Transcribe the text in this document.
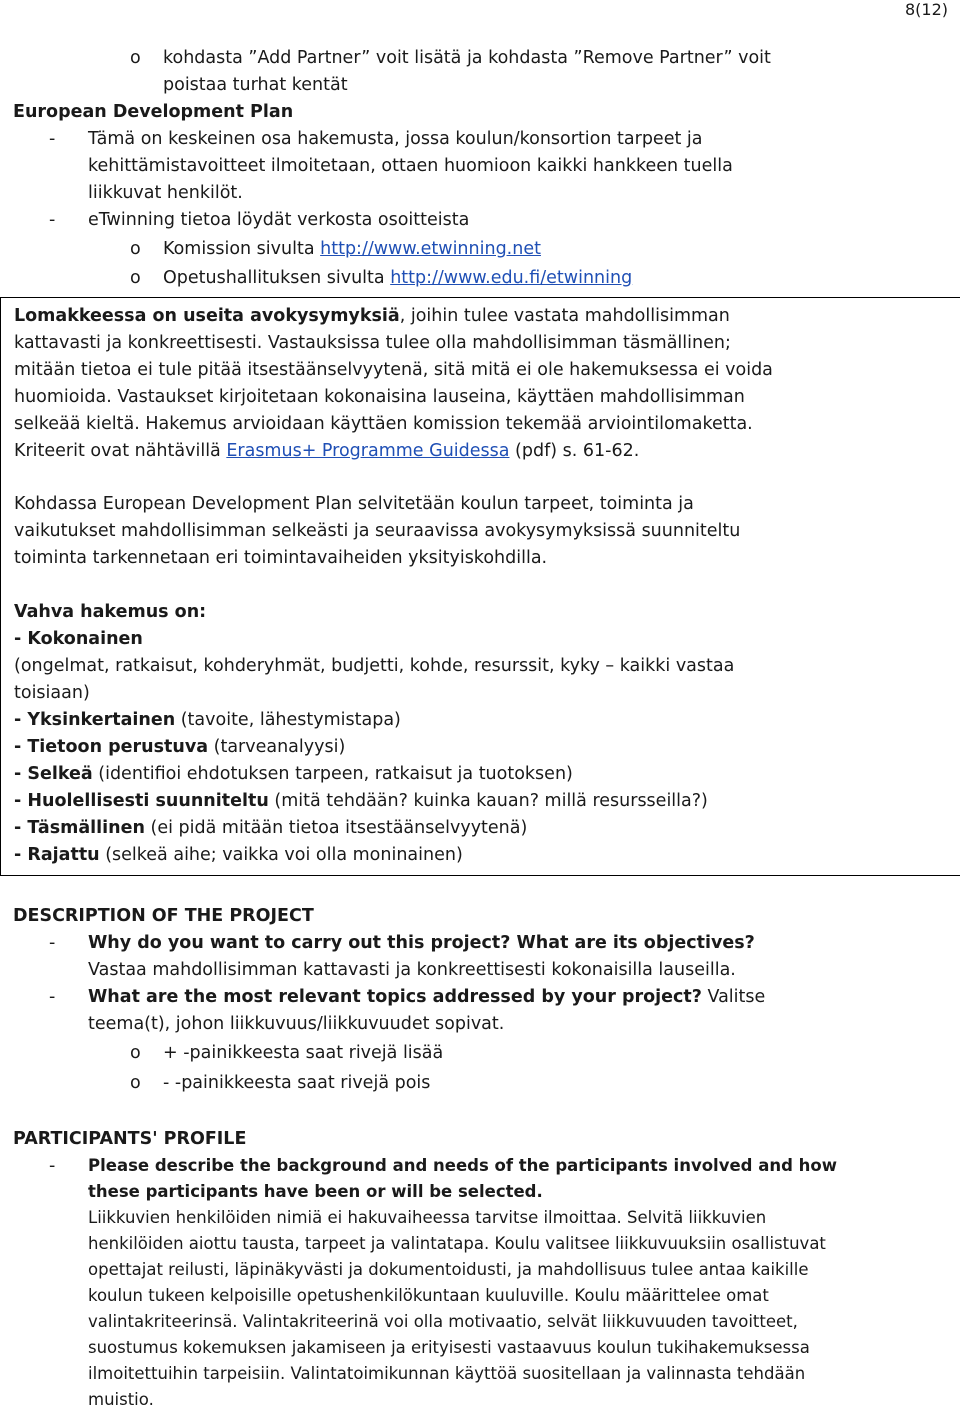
8(12)
o	kohdasta ”Add Partner” voit lisätä ja kohdasta ”Remove Partner” voit
poistaa turhat kentät
European Development Plan
-	Tämä on keskeinen osa hakemusta, jossa koulun/konsortion tarpeet ja
kehittämistavoitteet ilmoitetaan, ottaen huomioon kaikki hankkeen tuella
liikkuvat henkilöt.
-	eTwinning tietoa löydät verkosta osoitteista
o	Komission sivulta http://www.etwinning.net
o	Opetushallituksen sivulta http://www.edu.fi/etwinning
Lomakkeessa on useita avokysymyksiä, joihin tulee vastata mahdollisimman
kattavasti ja konkreettisesti. Vastauksissa tulee olla mahdollisimman täsmällinen;
mitään tietoa ei tule pitää itsestäänselvyytenä, sitä mitä ei ole hakemuksessa ei voida
huomioida. Vastaukset kirjoitetaan kokonaisina lauseina, käyttäen mahdollisimman
selkeää kieltä. Hakemus arvioidaan käyttäen komission tekemää arviointilomaketta.
Kriteerit ovat nähtävillä Erasmus+ Programme Guidessa (pdf) s. 61-62.
Kohdassa European Development Plan selvitetään koulun tarpeet, toiminta ja
vaikutukset mahdollisimman selkeästi ja seuraavissa avokysymyksissä suunniteltu
toiminta tarkennetaan eri toimintavaiheiden yksityiskohdilla.
Vahva hakemus on:
- Kokonainen
(ongelmat, ratkaisut, kohderyhmät, budjetti, kohde, resurssit, kyky – kaikki vastaa
toisiaan)
- Yksinkertainen (tavoite, lähestymistapa)
- Tietoon perustuva (tarveanalyysi)
- Selkeä (identifioi ehdotuksen tarpeen, ratkaisut ja tuotoksen)
- Huolellisesti suunniteltu (mitä tehdään? kuinka kauan? millä resursseilla?)
- Täsmällinen (ei pidä mitään tietoa itsestäänselvyytenä)
- Rajattu (selkeä aihe; vaikka voi olla moninainen)
DESCRIPTION OF THE PROJECT
-	Why do you want to carry out this project? What are its objectives?
Vastaa mahdollisimman kattavasti ja konkreettisesti kokonaisilla lauseilla.
-	What are the most relevant topics addressed by your project? Valitse
teema(t), johon liikkuvuus/liikkuvuudet sopivat.
o	+ -painikkeesta saat rivejä lisää
o	- -painikkeesta saat rivejä pois
PARTICIPANTS' PROFILE
-	Please describe the background and needs of the participants involved and how
these participants have been or will be selected.
Liikkuvien henkilöiden nimiä ei hakuvaiheessa tarvitse ilmoittaa. Selvitä liikkuvien
henkilöiden aiottu tausta, tarpeet ja valintatapa. Koulu valitsee liikkuvuuksiin osallistuvat
opettajat reilusti, läpinäkyvästi ja dokumentoidusti, ja mahdollisuus tulee antaa kaikille
koulun tukeen kelpoisille opetushenkilökuntaan kuuluville. Koulu määrittelee omat
valintakriteerinsä. Valintakriteerinä voi olla motivaatio, selvät liikkuvuuden tavoitteet,
suostumus kokemuksen jakamiseen ja erityisesti vastaavuus koulun tukihakemuksessa
ilmoitettuihin tarpeisiin. Valintatoimikunnan käyttöä suositellaan ja valinnasta tehdään
muistio.
